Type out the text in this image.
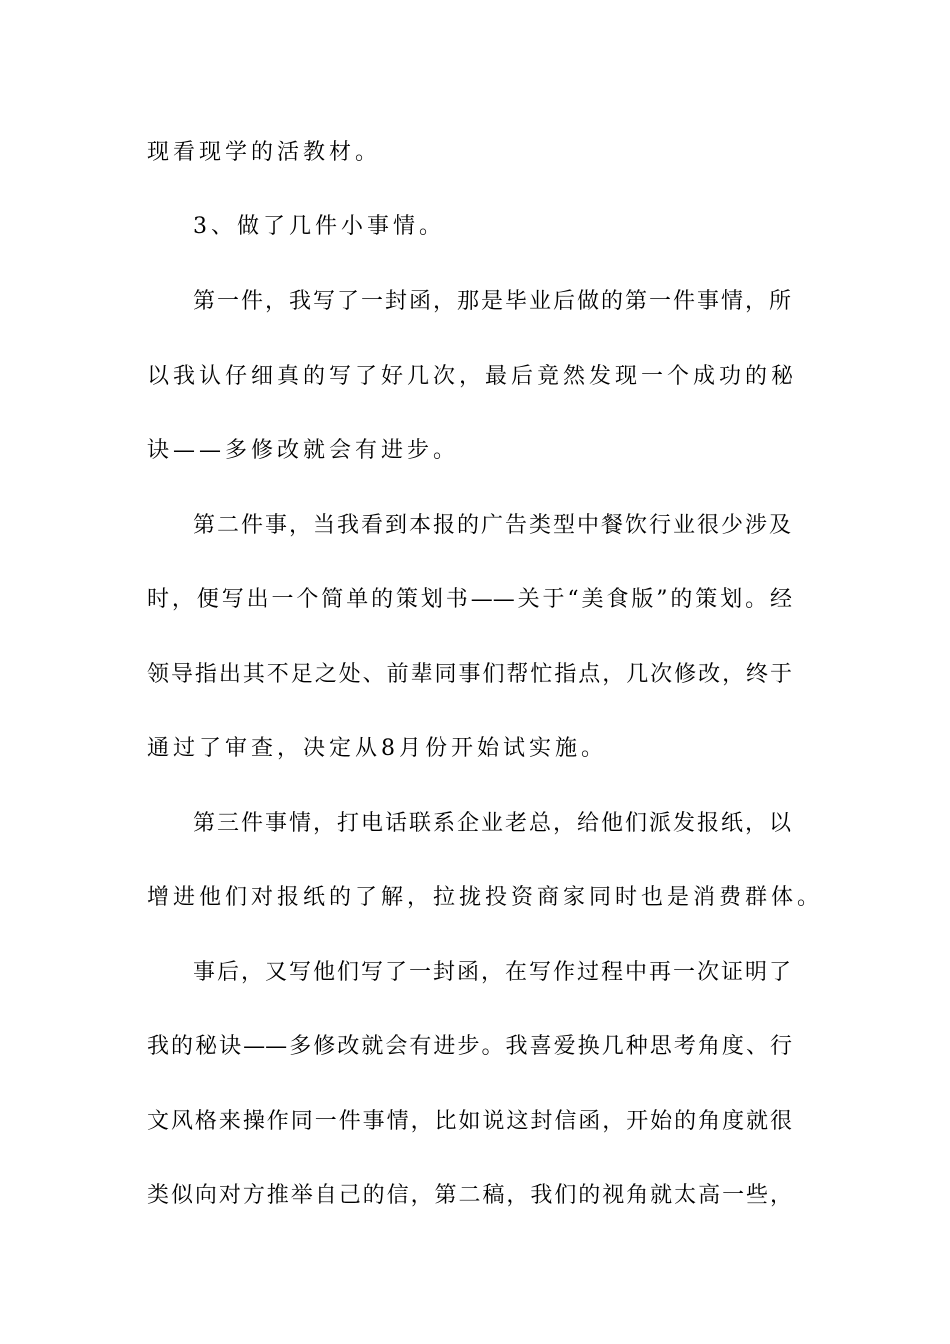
现看现学的活教材。
3、做了几件小事情。
第一件，我写了一封函，那是毕业后做的第一件事情，所
以我认仔细真的写了好几次，最后竟然发现一个成功的秘
诀——多修改就会有进步。
第二件事，当我看到本报的广告类型中餐饮行业很少涉及
时，便写出一个简单的策划书——关于“美食版”的策划。经
领导指出其不足之处、前辈同事们帮忙指点，几次修改，终于
通过了审查，决定从8月份开始试实施。
第三件事情，打电话联系企业老总，给他们派发报纸，以
增进他们对报纸的了解，拉拢投资商家同时也是消费群体。
事后，又写他们写了一封函，在写作过程中再一次证明了
我的秘诀——多修改就会有进步。我喜爱换几种思考角度、行
文风格来操作同一件事情，比如说这封信函，开始的角度就很
类似向对方推举自己的信，第二稿，我们的视角就太高一些，
